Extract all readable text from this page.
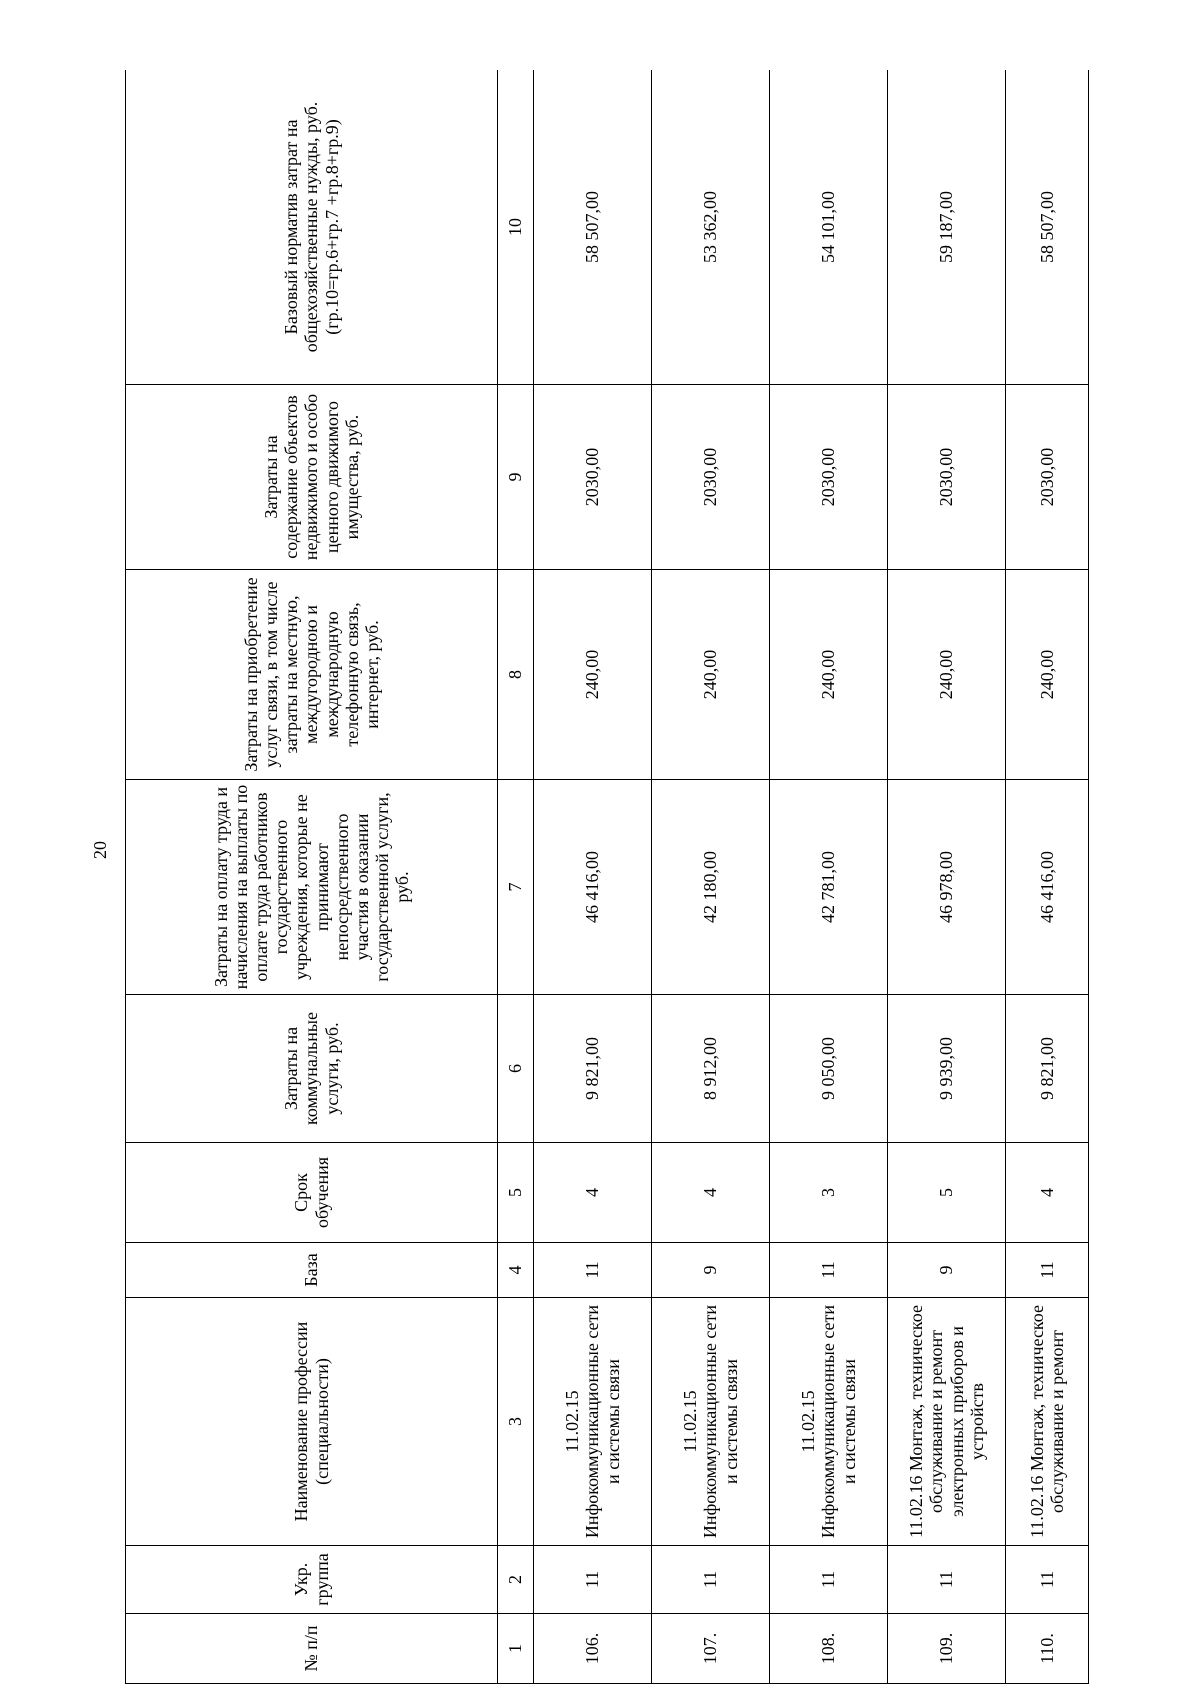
20
№ п/п	Укр. группа	Наименование профессии (специальности)	База	Срок обучения	Затраты на коммунальные услуги, руб.	Затраты на оплату труда и начисления на выплаты по оплате труда работников государственного учреждения, которые не принимают непосредственного участия в оказании государственной услуги, руб.	Затраты на приобретение услуг связи, в том числе затраты на местную, междугородною и международную телефонную связь, интернет, руб.	Затраты на содержание объектов недвижимого и особо ценного движимого имущества, руб.	Базовый норматив затрат на общехозяйственные нужды, руб. (гр.10=гр.6+гр.7 +гр.8+гр.9)
1	2	3	4	5	6	7	8	9	10
106.	11	11.02.15 Инфокоммуникационные сети и системы связи	11	4	9 821,00	46 416,00	240,00	2030,00	58 507,00
107.	11	11.02.15 Инфокоммуникационные сети и системы связи	9	4	8 912,00	42 180,00	240,00	2030,00	53 362,00
108.	11	11.02.15 Инфокоммуникационные сети и системы связи	11	3	9 050,00	42 781,00	240,00	2030,00	54 101,00
109.	11	11.02.16 Монтаж, техническое обслуживание и ремонт электронных приборов и устройств	9	5	9 939,00	46 978,00	240,00	2030,00	59 187,00
110.	11	11.02.16 Монтаж, техническое обслуживание и ремонт	11	4	9 821,00	46 416,00	240,00	2030,00	58 507,00
